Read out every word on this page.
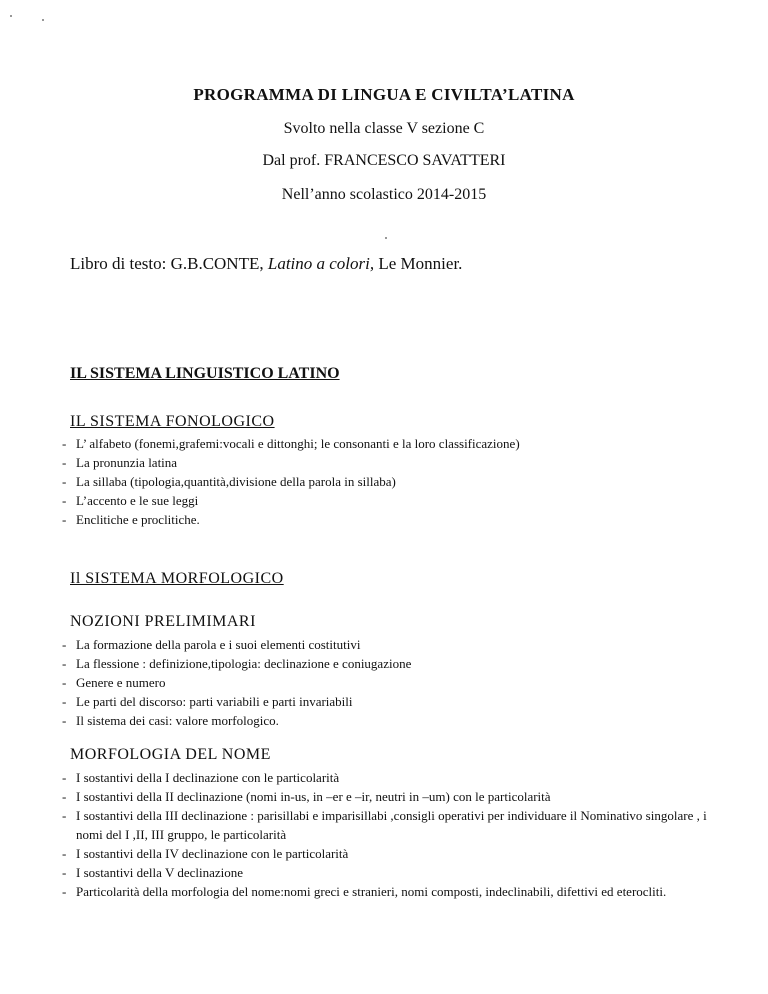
PROGRAMMA DI LINGUA E CIVILTA’LATINA
Svolto nella classe V sezione C
Dal prof. FRANCESCO SAVATTERI
Nell’anno scolastico 2014-2015
Libro di testo: G.B.CONTE, Latino a colori, Le Monnier.
IL SISTEMA LINGUISTICO LATINO
IL SISTEMA FONOLOGICO
- L’ alfabeto (fonemi,grafemi:vocali e dittonghi; le consonanti e la loro classificazione)
- La pronunzia latina
- La sillaba (tipologia,quantità,divisione della parola in sillaba)
- L’accento e le sue leggi
- Enclitiche e proclitiche.
Il SISTEMA MORFOLOGICO
NOZIONI PRELIMIMARI
- La formazione della parola e i suoi elementi costitutivi
- La flessione : definizione,tipologia: declinazione e coniugazione
- Genere e numero
- Le parti del discorso: parti variabili e parti invariabili
- Il sistema dei casi: valore morfologico.
MORFOLOGIA DEL NOME
- I sostantivi della I declinazione con le particolarità
- I sostantivi della II declinazione (nomi in-us, in –er e –ir, neutri in –um) con le particolarità
- I sostantivi della III declinazione : parisillabi e imparisillabi ,consigli operativi per individuare il Nominativo singolare , i nomi del I ,II, III gruppo, le particolarità
- I sostantivi della IV declinazione con le particolarità
- I sostantivi della V declinazione
- Particolarità della morfologia del nome:nomi greci e stranieri, nomi composti, indeclinabili, difettivi ed eterocliti.
